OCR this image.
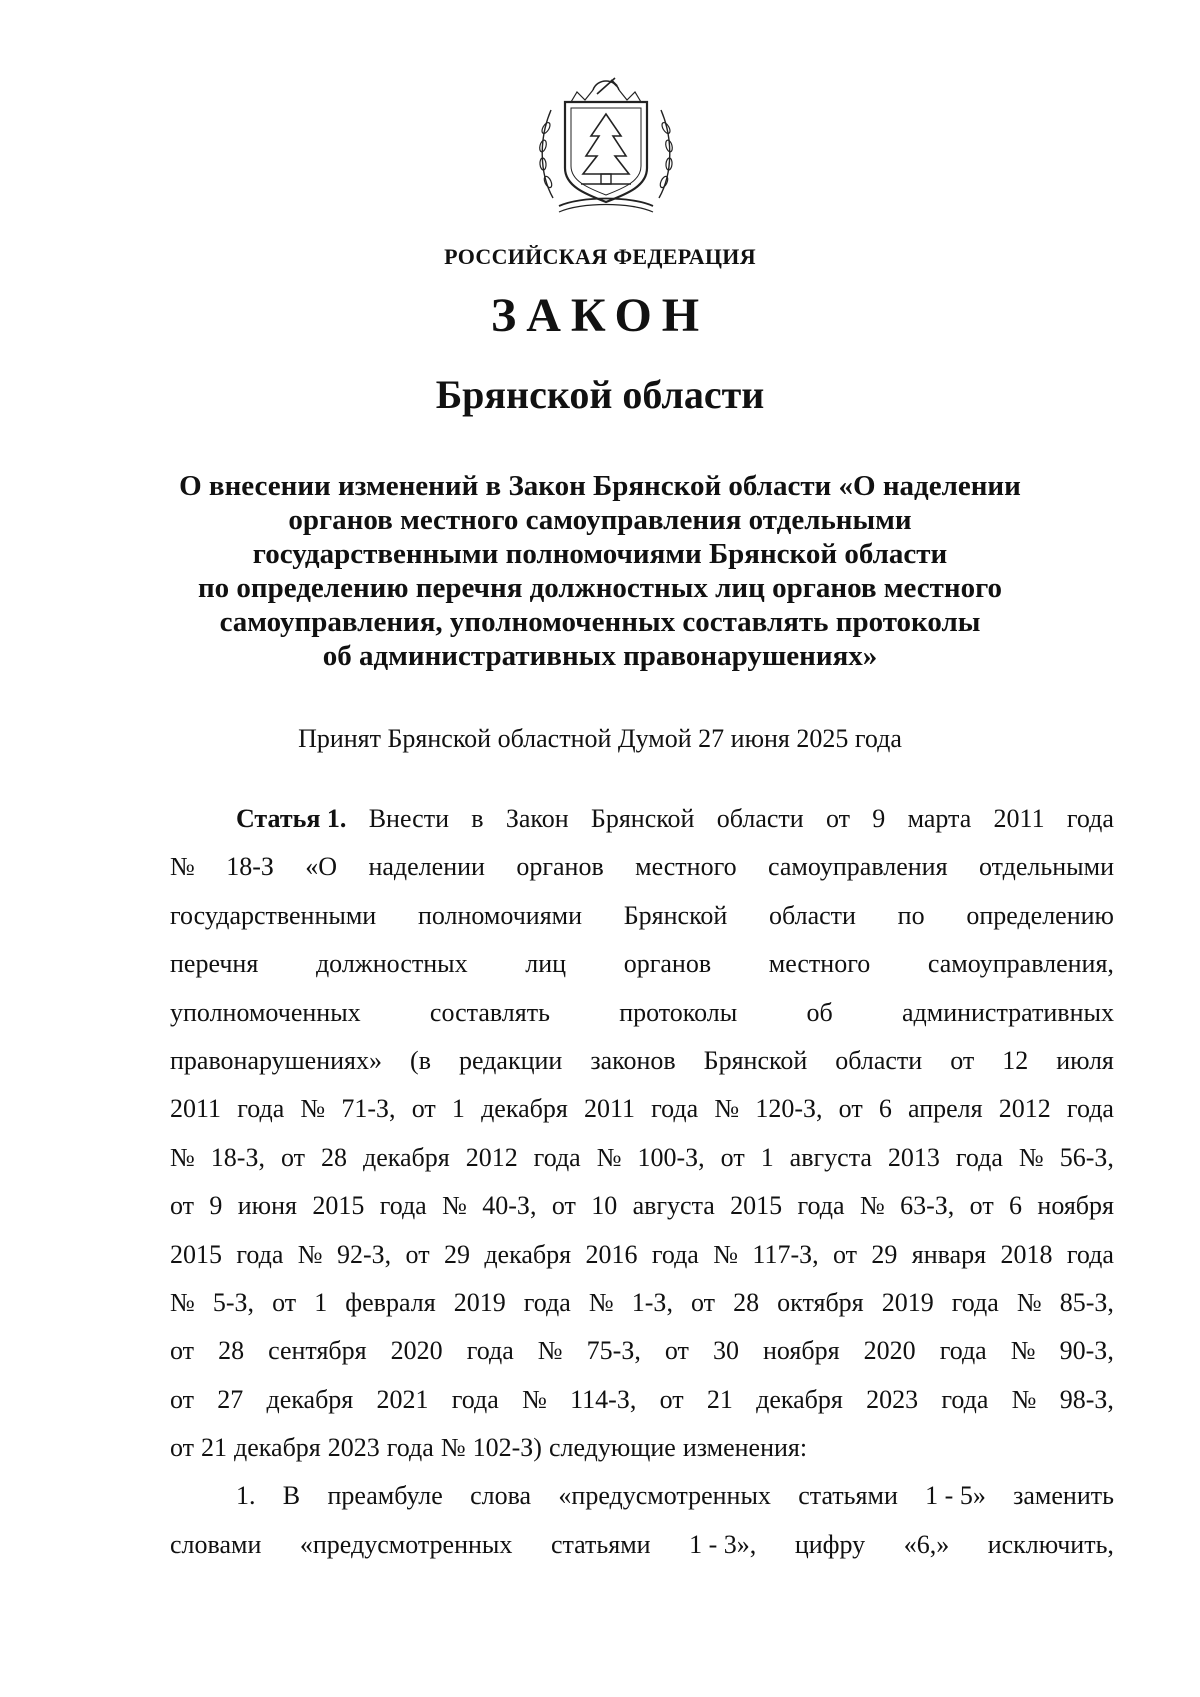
РОССИЙСКАЯ ФЕДЕРАЦИЯ
ЗАКОН
Брянской области
О внесении изменений в Закон Брянской области «О наделении
органов местного самоуправления отдельными
государственными полномочиями Брянской области
по определению перечня должностных лиц органов местного
самоуправления, уполномоченных составлять протоколы
об административных правонарушениях»
Принят Брянской областной Думой 27 июня 2025 года
Статья 1. Внести в Закон Брянской области от 9 марта 2011 года
№ 18-З «О наделении органов местного самоуправления отдельными
государственными полномочиями Брянской области по определению
перечня должностных лиц органов местного самоуправления,
уполномоченных	составлять	протоколы	об	административных
правонарушениях» (в редакции законов Брянской области от 12 июля
2011 года № 71-З, от 1 декабря 2011 года № 120-З, от 6 апреля 2012 года
№ 18-З, от 28 декабря 2012 года № 100-З, от 1 августа 2013 года № 56-З,
от 9 июня 2015 года № 40-З, от 10 августа 2015 года № 63-З, от 6 ноября
2015 года № 92-З, от 29 декабря 2016 года № 117-З, от 29 января 2018 года
№ 5-З, от 1 февраля 2019 года № 1-З, от 28 октября 2019 года № 85-З,
от 28 сентября 2020 года № 75-З, от 30 ноября 2020 года № 90-З,
от 27 декабря 2021 года № 114-З, от 21 декабря 2023 года № 98-З,
от 21 декабря 2023 года № 102-З) следующие изменения:
1. В преамбуле слова «предусмотренных статьями 1 - 5» заменить
словами «предусмотренных статьями 1 - 3», цифру «6,» исключить,
